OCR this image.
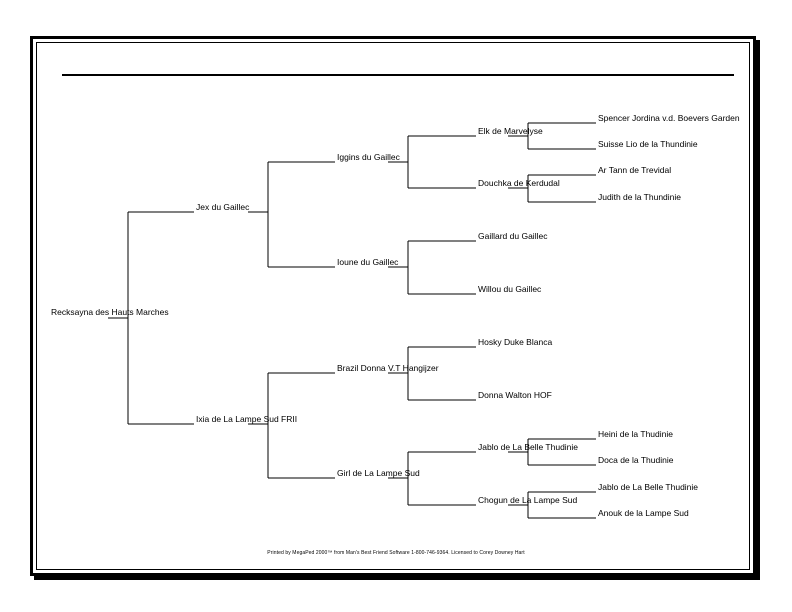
Recksayna des Hauts Marches
Jex du Gaillec
Ixia de La Lampe Sud FRII
Iggins du Gaillec
Ioune du Gaillec
Brazil Donna V.T Hangijzer
Girl de La Lampe Sud
Elk de Marvelyse
Douchka de Kerdudal
Gaillard du Gaillec
Willou du Gaillec
Hosky Duke Blanca
Donna Walton HOF
Jablo de La Belle Thudinie
Chogun de La Lampe Sud
Spencer Jordina v.d. Boevers Garden
Suisse Lio de la Thundinie
Ar Tann de Trevidal
Judith de la Thundinie
Heini de la Thudinie
Doca de la Thudinie
Jablo de La Belle Thudinie
Anouk de la Lampe Sud
Printed by MegaPed 2000™ from Man's Best Friend Software 1-800-746-9364. Licensed to Corey Downey Hart
